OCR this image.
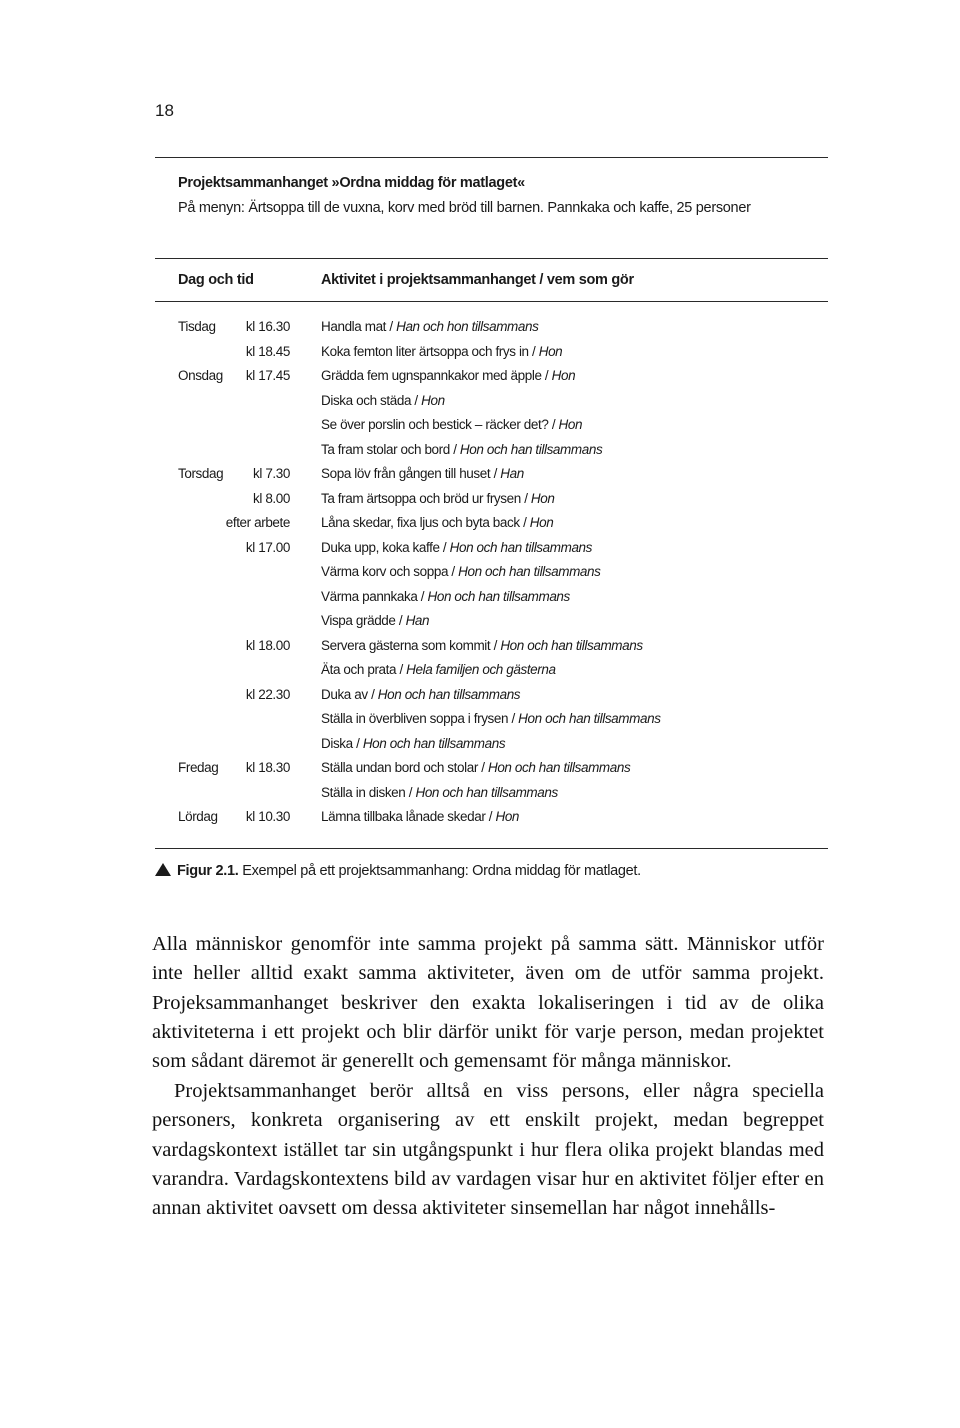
18
Projektsammanhanget »Ordna middag för matlaget«
På menyn: Ärtsoppa till de vuxna, korv med bröd till barnen. Pannkaka och kaffe, 25 personer
Dag och tid	Aktivitet i projektsammanhanget / vem som gör
Tisdag kl 16.30 Handla mat / Han och hon tillsammans
kl 18.45 Koka femton liter ärtsoppa och frys in / Hon
Onsdag kl 17.45 Grädda fem ugnspannkakor med äpple / Hon
Diska och städa / Hon
Se över porslin och bestick – räcker det? / Hon
Ta fram stolar och bord / Hon och han tillsammans
Torsdag kl 7.30 Sopa löv från gången till huset / Han
kl 8.00 Ta fram ärtsoppa och bröd ur frysen / Hon
efter arbete Låna skedar, fixa ljus och byta back / Hon
kl 17.00 Duka upp, koka kaffe / Hon och han tillsammans
Värma korv och soppa / Hon och han tillsammans
Värma pannkaka / Hon och han tillsammans
Vispa grädde / Han
kl 18.00 Servera gästerna som kommit / Hon och han tillsammans
Äta och prata / Hela familjen och gästerna
kl 22.30 Duka av / Hon och han tillsammans
Ställa in överbliven soppa i frysen / Hon och han tillsammans
Diska / Hon och han tillsammans
Fredag kl 18.30 Ställa undan bord och stolar / Hon och han tillsammans
Ställa in disken / Hon och han tillsammans
Lördag kl 10.30 Lämna tillbaka lånade skedar / Hon
Figur 2.1. Exempel på ett projektsammanhang: Ordna middag för matlaget.

Alla människor genomför inte samma projekt på samma sätt. Människor utför inte heller alltid exakt samma aktiviteter, även om de utför samma projekt. Projeksammanhanget beskriver den exakta lokaliseringen i tid av de olika aktiviteterna i ett projekt och blir därför unikt för varje person, medan projektet som sådant däremot är generellt och gemensamt för många människor.

Projektsammanhanget berör alltså en viss persons, eller några speciella personers, konkreta organisering av ett enskilt projekt, medan begreppet vardagskontext istället tar sin utgångspunkt i hur flera olika projekt blandas med varandra. Vardagskontextens bild av vardagen visar hur en aktivitet följer efter en annan aktivitet oavsett om dessa aktiviteter sinsemellan har något innehålls-
